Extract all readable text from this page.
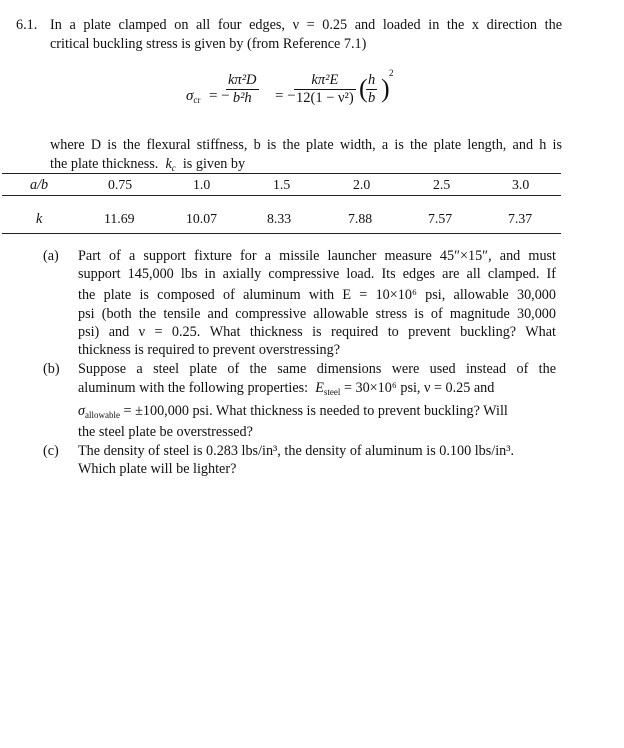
6.1. In a plate clamped on all four edges, ν = 0.25 and loaded in the x direction the
critical buckling stress is given by (from Reference 7.1)
$\sigma_{cr}$ = −
kπ²D
b²h = −
kπ²E
12(1 − ν²) ( h
b )
2
where D is the flexural stiffness, b is the plate width, a is the plate length, and h is
the plate thickness. $k_c$ is given by
a/b	0.75	1.0	1.5	2.0	2.5	3.0
k	11.69	10.07	8.33	7.88	7.57	7.37
(a) Part of a support fixture for a missile launcher measure 45″×15″, and must
support 145,000 lbs in axially compressive load. Its edges are all clamped. If
the plate is composed of aluminum with E = 10×10⁶ psi, allowable 30,000
psi (both the tensile and compressive allowable stress is of magnitude 30,000
psi) and ν = 0.25. What thickness is required to prevent buckling? What
thickness is required to prevent overstressing?
(b) Suppose a steel plate of the same dimensions were used instead of the
aluminum with the following properties: $E_{steel} = 30\times 10^6$ psi, ν = 0.25 and
$\sigma_{allowable} = \pm 100,000$ psi. What thickness is needed to prevent buckling? Will
the steel plate be overstressed?
(c) The density of steel is 0.283 lbs/in³, the density of aluminum is 0.100 lbs/in³.
Which plate will be lighter?
